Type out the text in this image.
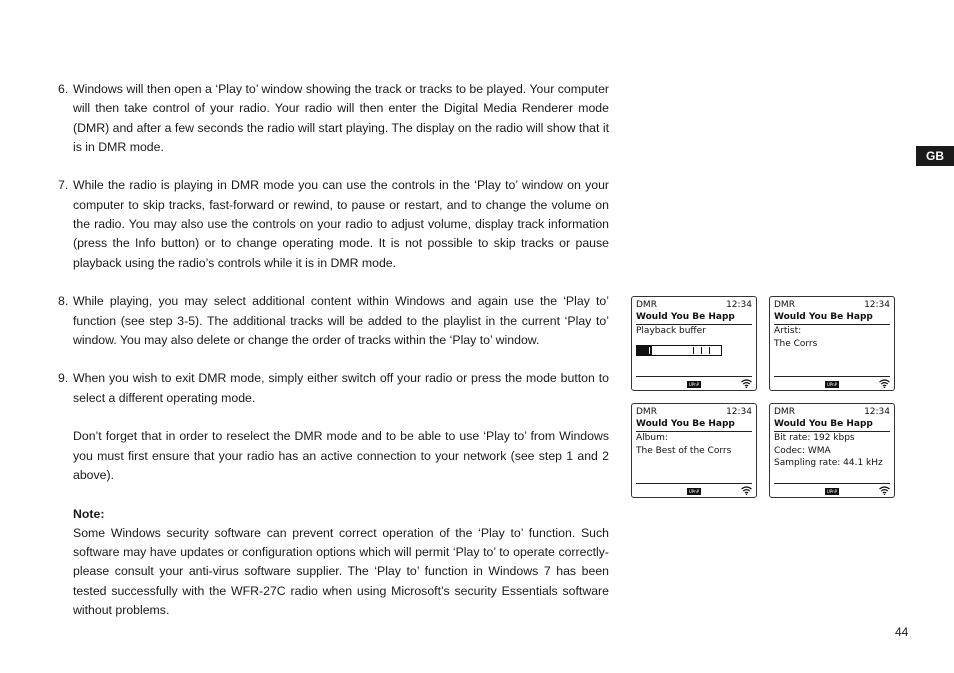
6. Windows will then open a ‘Play to’ window showing the track or tracks to be played. Your computer will then take control of your radio. Your radio will then enter the Digital Media Renderer mode (DMR) and after a few seconds the radio will start playing. The display on the radio will show that it is in DMR mode.
7. While the radio is playing in DMR mode you can use the controls in the ‘Play to’ window on your computer to skip tracks, fast-forward or rewind, to pause or restart, and to change the volume on the radio. You may also use the controls on your radio to adjust volume, display track information (press the Info button) or to change operating mode. It is not possible to skip tracks or pause playback using the radio’s controls while it is in DMR mode.
8. While playing, you may select additional content within Windows and again use the ‘Play to’ function (see step 3-5). The additional tracks will be added to the playlist in the current ‘Play to’ window. You may also delete or change the order of tracks within the ‘Play to’ window.
9. When you wish to exit DMR mode, simply either switch off your radio or press the mode button to select a different operating mode.

Don’t forget that in order to reselect the DMR mode and to be able to use ‘Play to’ from Windows you must first ensure that your radio has an active connection to your network (see step 1 and 2 above).

Note:

Some Windows security software can prevent correct operation of the ‘Play to’ function. Such software may have updates or configuration options which will permit ‘Play to’ to operate correctly-please consult your anti-virus software supplier. The ‘Play to’ function in Windows 7 has been tested successfully with the WFR-27C radio when using Microsoft’s security Essentials software without problems.

GB
44
DMR	12:34
Would You Be Happ
Playback buffer
UPnP
DMR	12:34
Would You Be Happ
Artist:
The Corrs
UPnP
DMR	12:34
Would You Be Happ
Album:
The Best of the Corrs
UPnP
DMR	12:34
Would You Be Happ
Bit rate: 192 kbps
Codec: WMA
Sampling rate: 44.1 kHz
UPnP
